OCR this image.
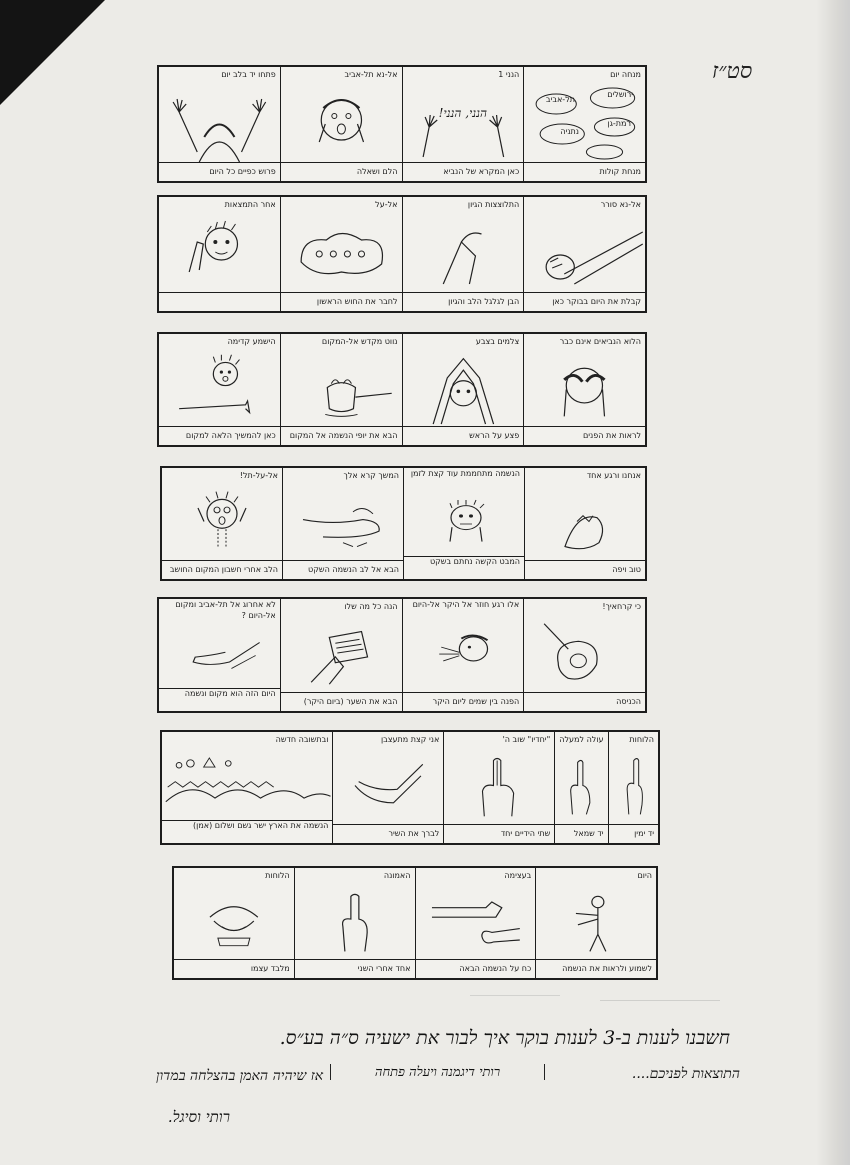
סט״ז
מנחה יום
ירושלים
תל-אביב
רמת-גן
נתניה
מנחת קולות
הנני 1
הנני, הנני!
כאן המקרא של הנביא
אל-נא תל-אביב
הלם ושאלה
פתחו יד בלב יום
פרוש כפיים כל היום
אל-נא סורר
קבלת את היום בבוקר כאן
התלוצצות הגיון
הבן לגלגל הלב והגיון
אל-על
לחבר את החוש הראשון
אחר התמצאות
הלוא הנביאים אינם כבר
לראות את הפנים
צלמים בצבע
פצע על הראש
נווט מקדש אל-המקום
הבא את יופי הנשמה אל המקום
הישמע קדימה
כאן להמשיך הלאה למקום
אנחנו ורגע אחד
טוב ויפה
הנשמה מתחממת עוד קצת לזמן
המבט הקשה נחתם בשקט
המשך קרא אלך
הבא אל לב הנשמה השקט
אל-על-תל!
הלב אחרי חשבון המקום החושב
כי קרחאיך!
הכניסה
אלו רגע חוזר אל היקר אל-היום
הפנה בין שמים ליום היקר
הנה כל מה שלו
הבא את השער (ביום היקר)
לא אחרוג אל תל-אביב ומקום אל-היום ?
היום הזה הוא מקום ונשמה
הלוחות
יד ימין
עולה למעלה
יד שמאל
"יחדיו" שוב ה'
שתי הידיים יחד
אני קצת מתעצבן
לברך את השיר
ובתשובה חדשה
הנשמה את הארץ ישר גשם ושלום (אמן)
היום
לשמוע ולראות את הנשמה
בעצימה
כח על הנשמה הבאה
האמונה
אחד אחרי השני
הלוחות
מלבד עצמו
חשבנו לענות ב-3 לענות בוקר איך לבור את ישעיה ס״ה בע״ס.
התוצאות לפניכם....
רותי דיגמנה ויעלה פתחה
אז שיהיה האמן בהצלחה במדון
רותי וסיגל.
